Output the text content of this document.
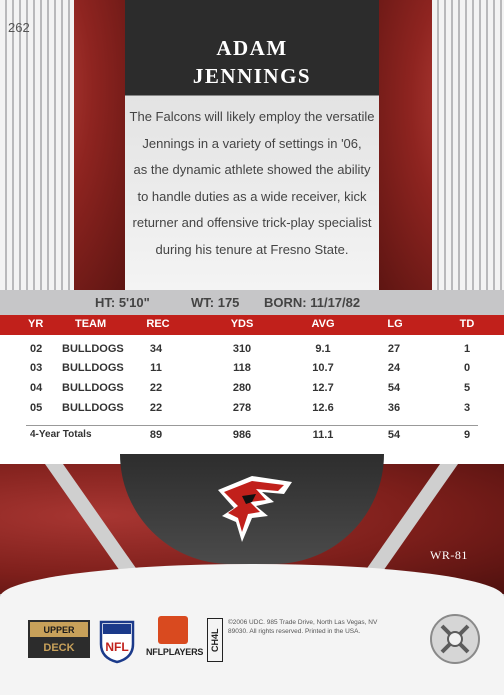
262
ADAM
JENNINGS
The Falcons will likely employ the versatile
Jennings in a variety of settings in '06,
as the dynamic athlete showed the ability
to handle duties as a wide receiver, kick
returner and offensive trick-play specialist
during his tenure at Fresno State.
HT: 5'10"	WT: 175 BORN: 11/17/82
YR	TEAM	REC	YDS	AVG	LG	TD
02 BULLDOGS 34	310	9.1	27	1
03 BULLDOGS 11	118	10.7	24	0
04 BULLDOGS 22	280	12.7	54	5
05 BULLDOGS 22	278	12.6	36	3
4-Year Totals	89	986	11.1	54	9
WR-81
UPPER
DECK	NFL NFLPLAYERS
CH4L
©2006 UDC. 985 Trade Drive, North Las Vegas, NV
89030. All rights reserved. Printed in the USA.
